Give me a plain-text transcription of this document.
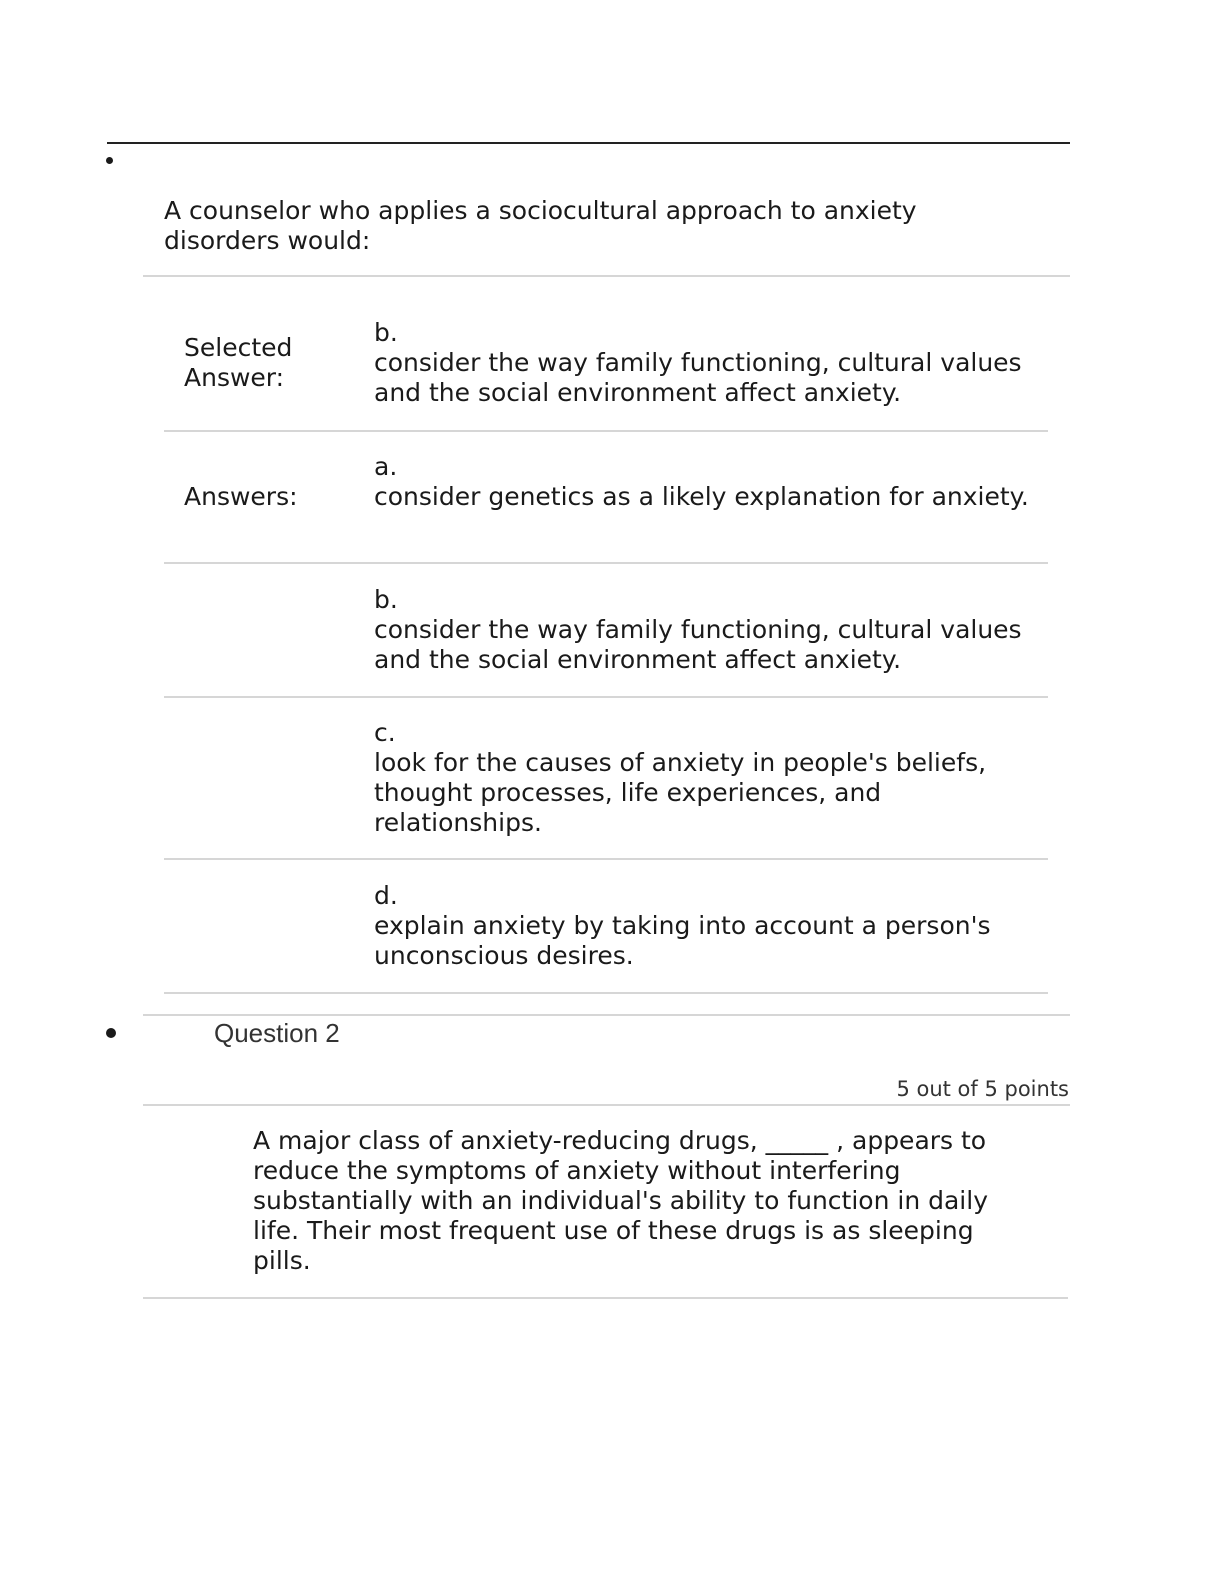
A counselor who applies a sociocultural approach to anxiety disorders would:

Selected Answer:
b.
consider the way family functioning, cultural values and the social environment affect anxiety.
Answers:
a.
consider genetics as a likely explanation for anxiety.
b.
consider the way family functioning, cultural values and the social environment affect anxiety.
c.
look for the causes of anxiety in people's beliefs, thought processes, life experiences, and relationships.
d.
explain anxiety by taking into account a person's unconscious desires.
Question 2
5 out of 5 points

A major class of anxiety-reducing drugs, _____ , appears to reduce the symptoms of anxiety without interfering substantially with an individual's ability to function in daily life. Their most frequent use of these drugs is as sleeping pills.
